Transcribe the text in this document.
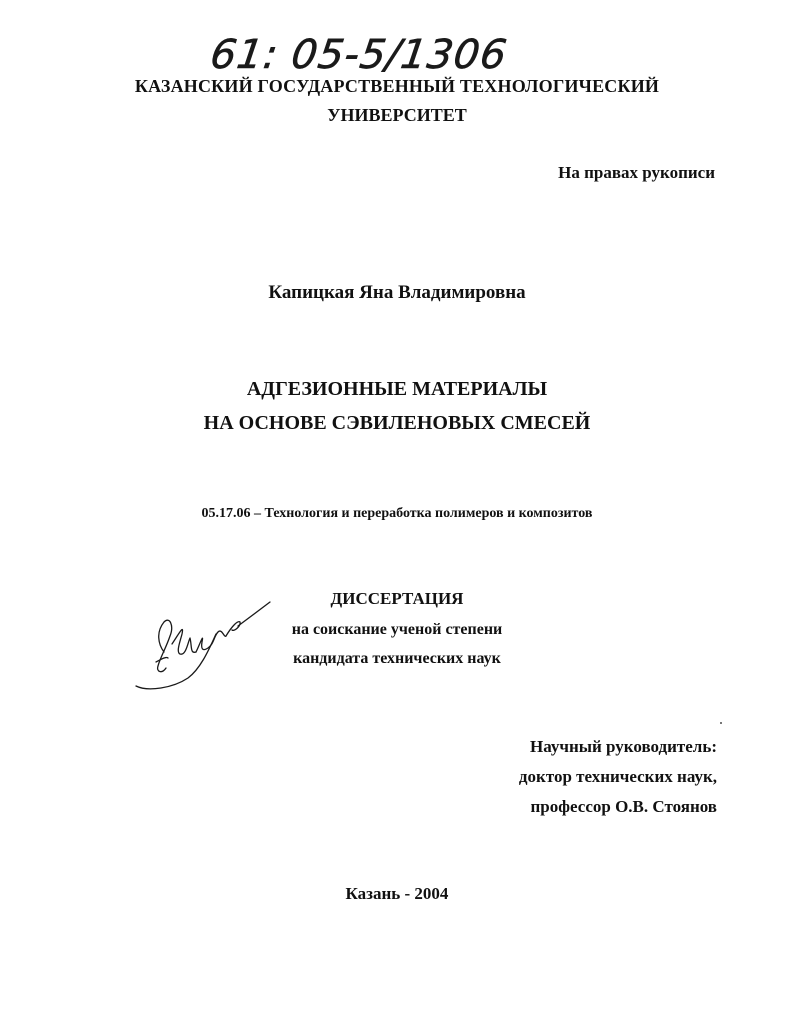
61: 05-5/1306
КАЗАНСКИЙ ГОСУДАРСТВЕННЫЙ ТЕХНОЛОГИЧЕСКИЙ
УНИВЕРСИТЕТ
На правах рукописи
Капицкая Яна Владимировна
АДГЕЗИОННЫЕ МАТЕРИАЛЫ
НА ОСНОВЕ СЭВИЛЕНОВЫХ СМЕСЕЙ
05.17.06 – Технология и переработка полимеров и композитов
ДИССЕРТАЦИЯ
на соискание ученой степени
кандидата технических наук
Научный руководитель:
доктор технических наук,
профессор О.В. Стоянов
Казань - 2004
